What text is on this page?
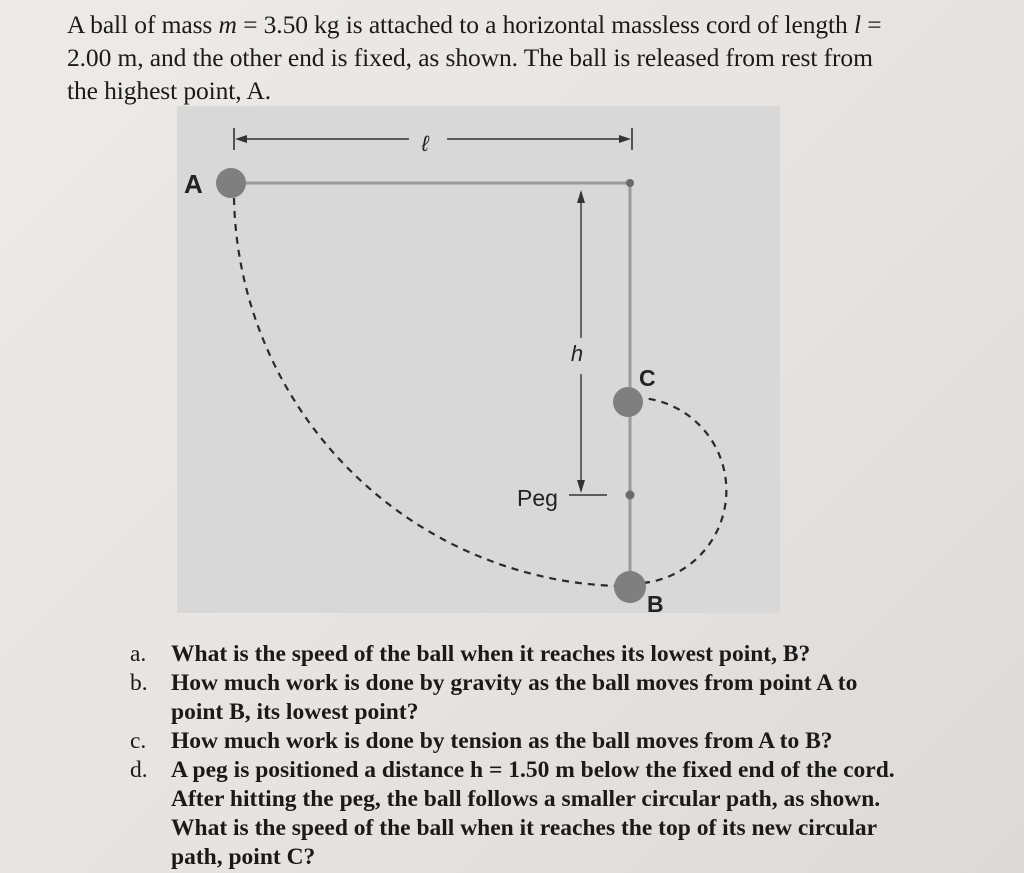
A ball of mass m = 3.50 kg is attached to a horizontal massless cord of length l =
2.00 m, and the other end is fixed, as shown. The ball is released from rest from
the highest point, A.
ℓ
h
Peg
A
C
B
a. What is the speed of the ball when it reaches its lowest point, B?
b. How much work is done by gravity as the ball moves from point A to
point B, its lowest point?
c. How much work is done by tension as the ball moves from A to B?
d. A peg is positioned a distance h = 1.50 m below the fixed end of the cord.
After hitting the peg, the ball follows a smaller circular path, as shown.
What is the speed of the ball when it reaches the top of its new circular
path, point C?
